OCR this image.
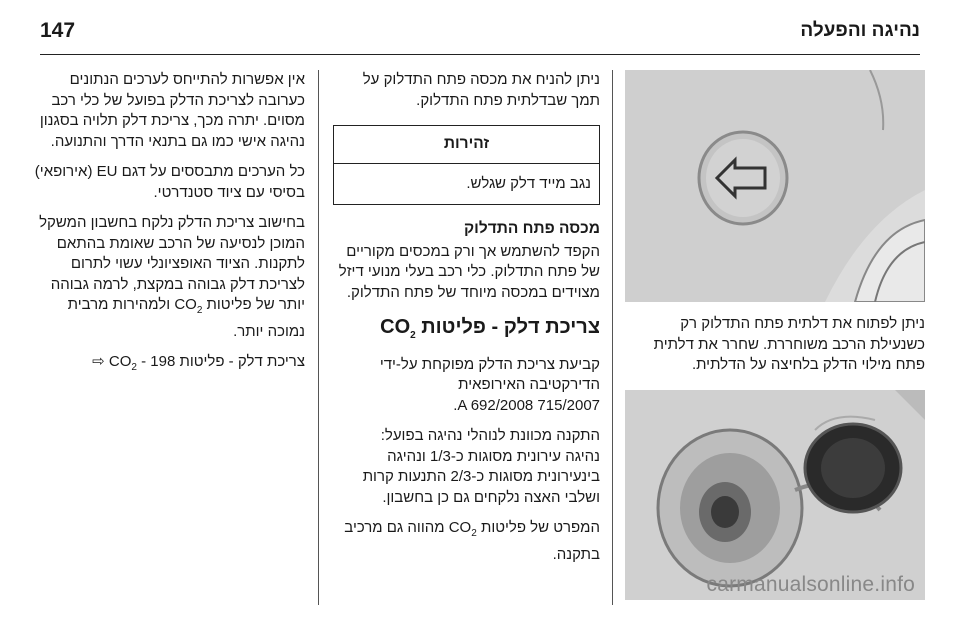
147	נהיגה והפעלה

ניתן לפתוח את דלתית פתח התדלוק רק כשנעילת הרכב משוחררת. שחרר את דלתית פתח מילוי הדלק בלחיצה על הדלתית.

carmanualsonline.info

ניתן להניח את מכסה פתח התדלוק על תמך שבדלתית פתח התדלוק.

זהירות
נגב מייד דלק שגלש.
מכסה פתח התדלוק

הקפד להשתמש אך ורק במכסים מקוריים של פתח התדלוק. כלי רכב בעלי מנועי דיזל מצוידים במכסה מיוחד של פתח התדלוק.

צריכת דלק - פליטות $CO_2$

קביעת צריכת הדלק מפוקחת על-ידי הדירקטיבה האירופאית
A 692/2008 715/2007.

התקנה מכוונת לנוהלי נהיגה בפועל:
נהיגה עירונית מסוגות כ-1/3 ונהיגה
בינעירונית מסוגות כ-2/3 התנעות קרות
ושלבי האצה נלקחים גם כן בחשבון.

המפרט של פליטות $CO_2$ מהווה גם מרכיב בתקנה.

אין אפשרות להתייחס לערכים הנתונים כערובה לצריכת הדלק בפועל של כלי רכב מסוים. יתרה מכך, צריכת דלק תלויה בסגנון נהיגה אישי כמו גם בתנאי הדרך והתנועה.

כל הערכים מתבססים על דגם EU (אירופאי) בסיסי עם ציוד סטנדרטי.

בחישוב צריכת הדלק נלקח בחשבון המשקל המוכן לנסיעה של הרכב שאומת בהתאם לתקנות. הציוד האופציונלי עשוי לתרום לצריכת דלק גבוהה במקצת, לרמה גבוהה יותר של פליטות $CO_2$ ולמהירות מרבית נמוכה יותר.

צריכת דלק - פליטות $CO_2 - 198$ ⇨
